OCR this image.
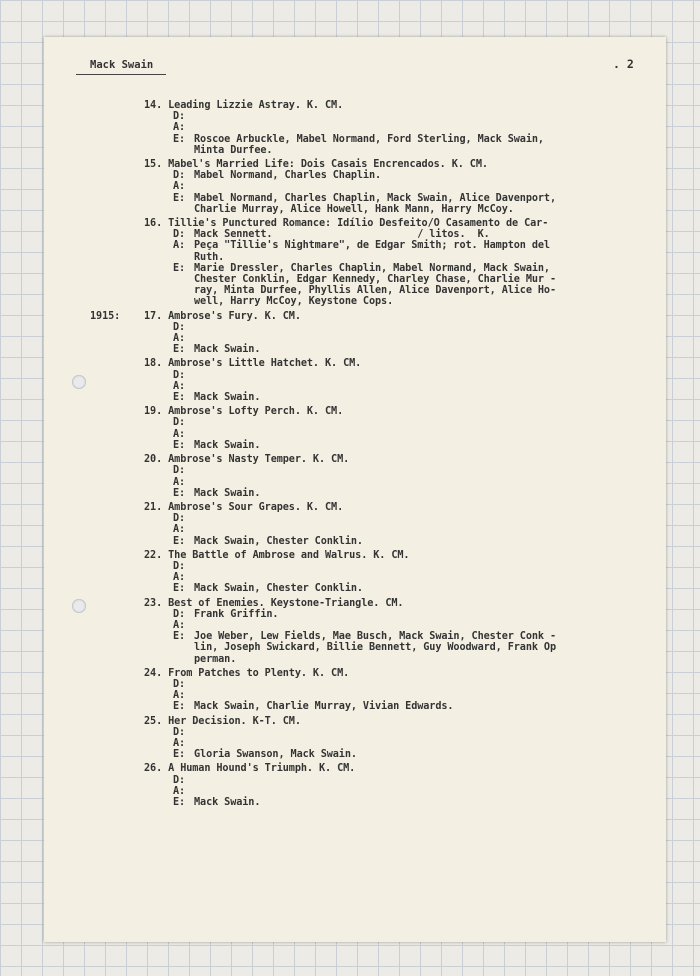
Mack Swain	. 2
14. Leading Lizzie Astray. K. CM.
D:
A:
E: Roscoe Arbuckle, Mabel Normand, Ford Sterling, Mack Swain,
Minta Durfee.
15. Mabel's Married Life: Dois Casais Encrencados. K. CM.
D: Mabel Normand, Charles Chaplin.
A:
E: Mabel Normand, Charles Chaplin, Mack Swain, Alice Davenport,
Charlie Murray, Alice Howell, Hank Mann, Harry McCoy.
16. Tillie's Punctured Romance: Idílio Desfeito/O Casamento de Car-
D: Mack Sennett.                        / litos.  K.
A: Peça "Tillie's Nightmare", de Edgar Smith; rot. Hampton del
Ruth.
E: Marie Dressler, Charles Chaplin, Mabel Normand, Mack Swain,
Chester Conklin, Edgar Kennedy, Charley Chase, Charlie Mur -
ray, Minta Durfee, Phyllis Allen, Alice Davenport, Alice Ho-
well, Harry McCoy, Keystone Cops.
1915: 17. Ambrose's Fury. K. CM.
D:
A:
E: Mack Swain.
18. Ambrose's Little Hatchet. K. CM.
D:
A:
E: Mack Swain.
19. Ambrose's Lofty Perch. K. CM.
D:
A:
E: Mack Swain.
20. Ambrose's Nasty Temper. K. CM.
D:
A:
E: Mack Swain.
21. Ambrose's Sour Grapes. K. CM.
D:
A:
E: Mack Swain, Chester Conklin.
22. The Battle of Ambrose and Walrus. K. CM.
D:
A:
E: Mack Swain, Chester Conklin.
23. Best of Enemies. Keystone-Triangle. CM.
D: Frank Griffin.
A:
E: Joe Weber, Lew Fields, Mae Busch, Mack Swain, Chester Conk -
lin, Joseph Swickard, Billie Bennett, Guy Woodward, Frank Op
perman.
24. From Patches to Plenty. K. CM.
D:
A:
E: Mack Swain, Charlie Murray, Vivian Edwards.
25. Her Decision. K-T. CM.
D:
A:
E: Gloria Swanson, Mack Swain.
26. A Human Hound's Triumph. K. CM.
D:
A:
E: Mack Swain.
